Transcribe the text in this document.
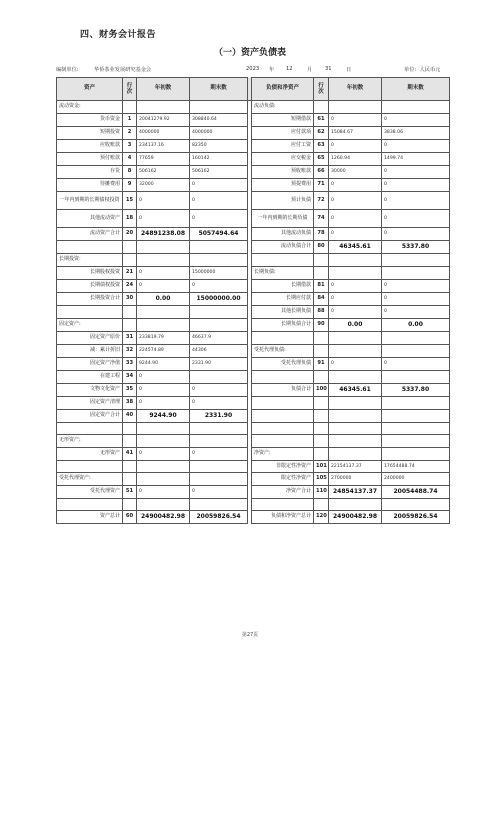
四、财务会计报告
（一）资产负债表
编制单位:	华侨茶业发展研究基金会	2023 年 12	月 31	日	单位：人民币元
资产	行次	年初数	期末数		负债和净资产	行次	年初数	期末数
流动资金:					流动负债:			
货币资金	1	20041279.92	308840.64		短期借款	61	0	0
短期投资	2	4000000	4000000		应付款项	62	15084.67	3838.06
应收账款	3	234137.16	82350		应付工资	63	0	0
预付账款	4	77659	160142		应交税金	65	1260.94	1499.74
存货	8	506162	506162		预收账款	66	30000	0
待摊费用	9	32000	0		预提费用	71	0	0
一年内到期的长期债权投资	15	0	0		预计负债	72	0	0
其他流动资产	18	0	0		一年内到期的长期负债	74	0	0
流动资产合计	20	24891238.08	5057494.64		其他流动负债	78	0	0
					流动负债合计	80	46345.61	5337.80
长期投资:								
长期股权投资	21	0	15000000		长期负债:			
长期债权投资	24	0	0		长期借款	81	0	0
长期投资合计	30	0.00	15000000.00		长期应付款	84	0	0
					其他长期负债	88	0	0
固定资产:					长期负债合计	90	0.00	0.00
固定资产原价	31	233819.79	46637.9					
减：累计折旧	32	224574.89	44306		受托代理负债:			
固定资产净值	33	9244.90	2331.90		受托代理负债	91	0	0
在建工程	34	0						
文物文化资产	35	0	0		负债合计	100	46345.61	5337.80
固定资产清理	38	0	0					
固定资产合计	40	9244.90	2331.90					

无形资产:								
无形资产	41	0	0		净资产:			
					非限定性净资产	101	22154137.37	17654488.74
受托代理资产:					限定性净资产	105	2700000	2400000
受托代理资产	51	0	0		净资产合计	110	24854137.37	20054488.74

资产总计	60	24900482.98	20059826.54		负债和净资产总计	120	24900482.98	20059826.54
第27页
